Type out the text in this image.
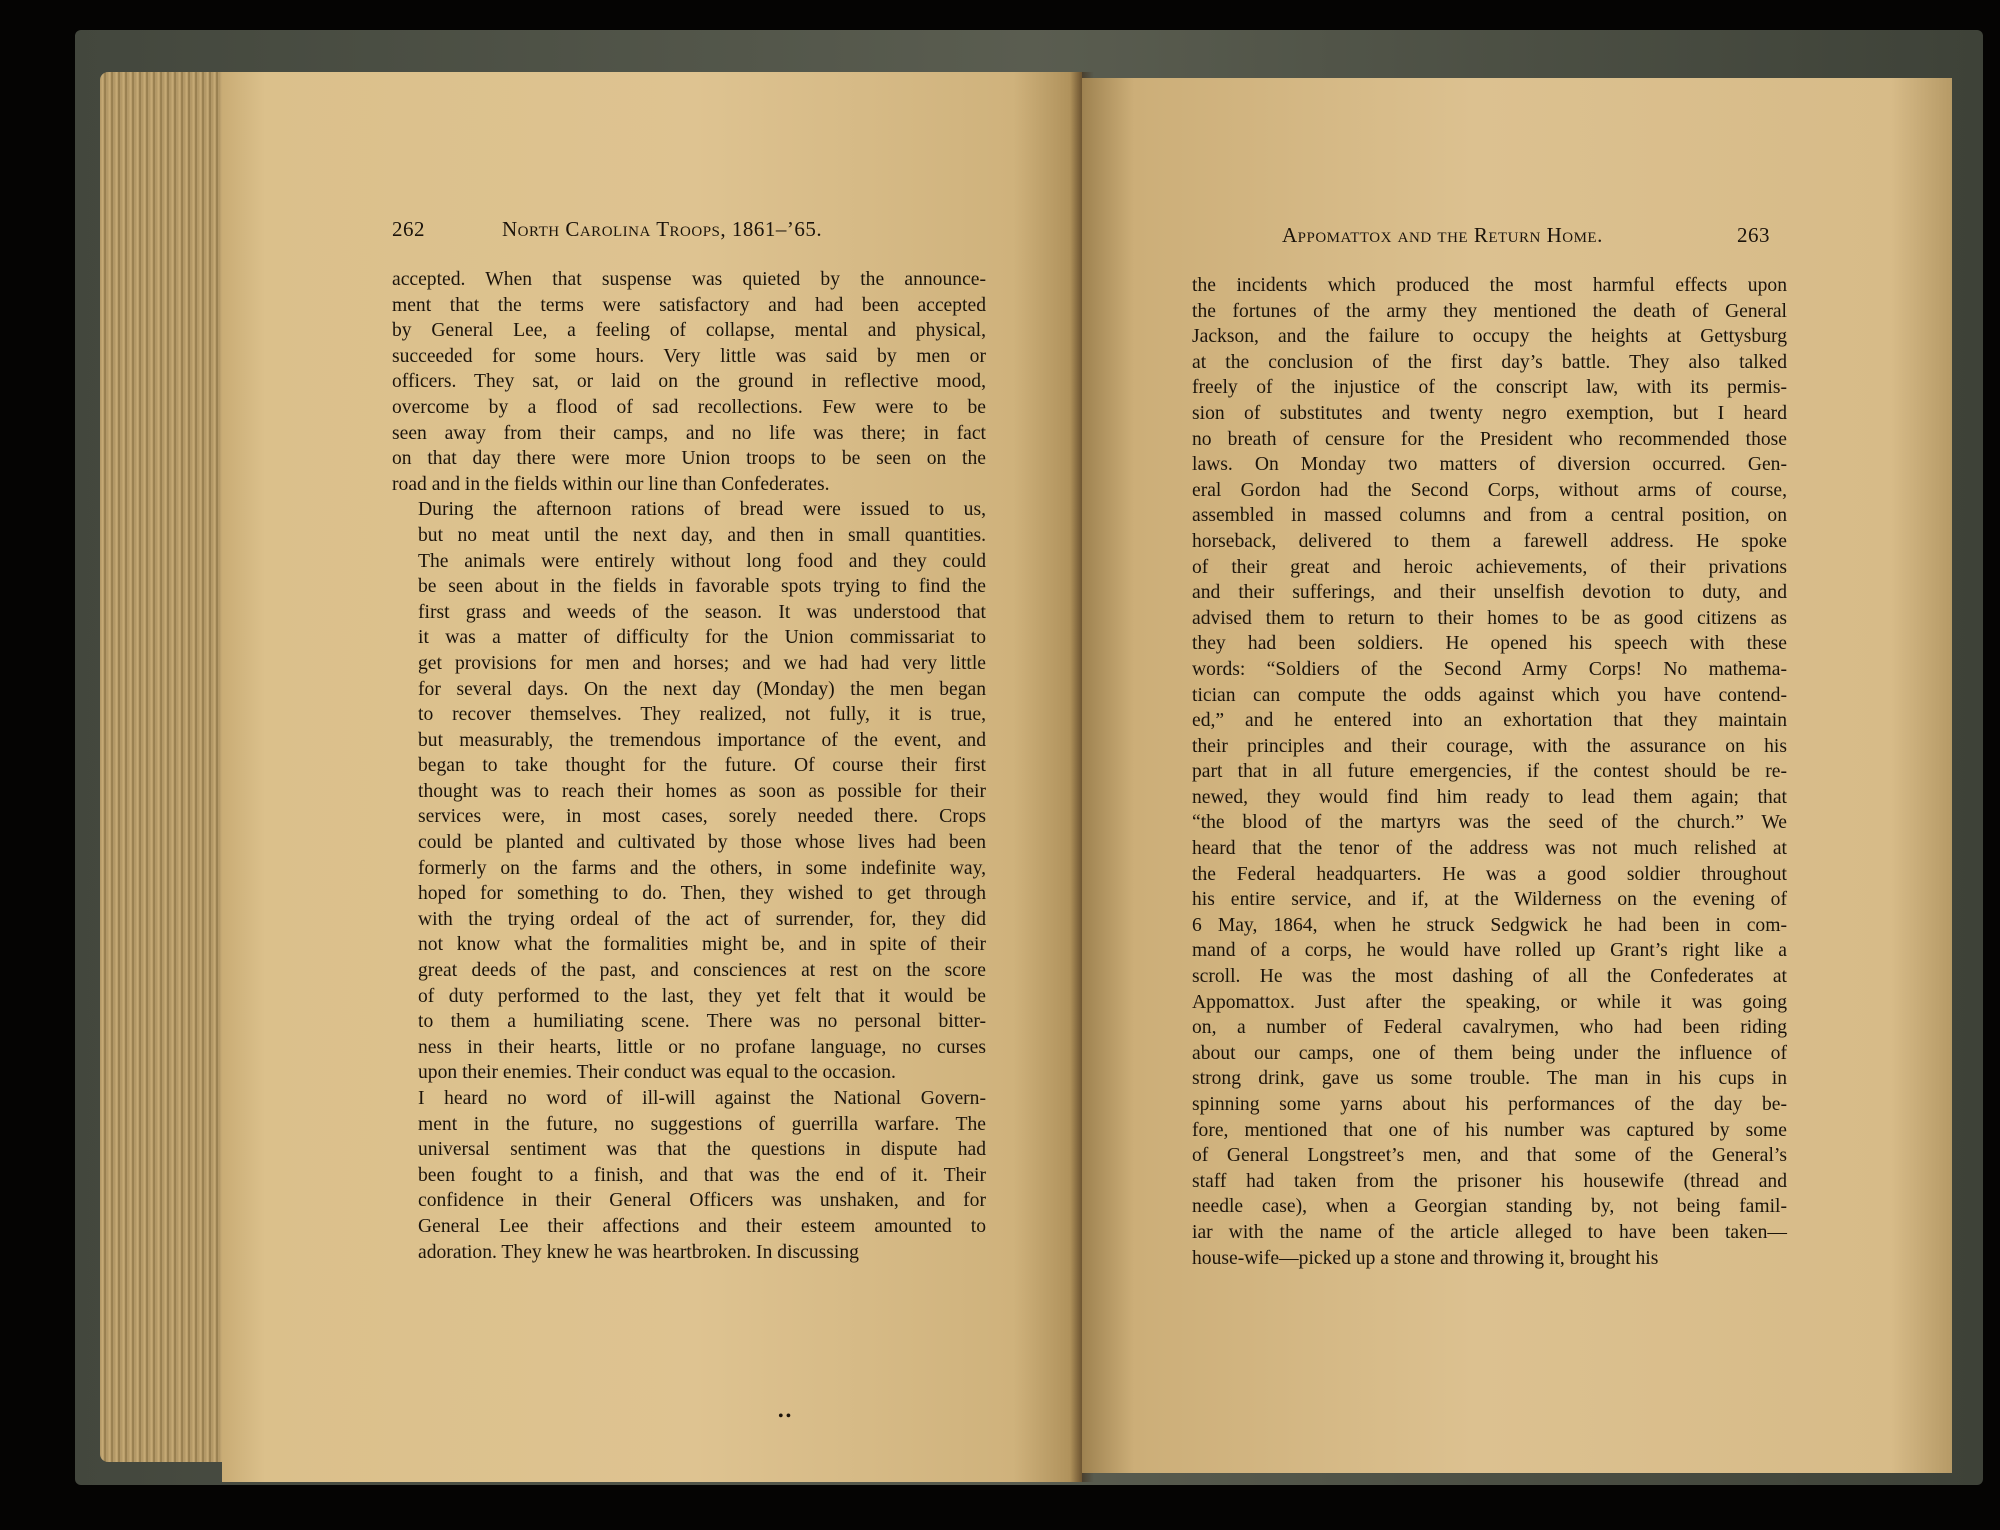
262	North Carolina Troops, 1861–’65.

accepted. When that suspense was quieted by the announce-
ment that the terms were satisfactory and had been accepted
by General Lee, a feeling of collapse, mental and physical,
succeeded for some hours. Very little was said by men or
officers. They sat, or laid on the ground in reflective mood,
overcome by a flood of sad recollections. Few were to be
seen away from their camps, and no life was there; in fact
on that day there were more Union troops to be seen on the
road and in the fields within our line than Confederates.

During the afternoon rations of bread were issued to us,
but no meat until the next day, and then in small quantities.
The animals were entirely without long food and they could
be seen about in the fields in favorable spots trying to find the
first grass and weeds of the season. It was understood that
it was a matter of difficulty for the Union commissariat to
get provisions for men and horses; and we had had very little
for several days. On the next day (Monday) the men began
to recover themselves. They realized, not fully, it is true,
but measurably, the tremendous importance of the event, and
began to take thought for the future. Of course their first
thought was to reach their homes as soon as possible for their
services were, in most cases, sorely needed there. Crops
could be planted and cultivated by those whose lives had been
formerly on the farms and the others, in some indefinite way,
hoped for something to do. Then, they wished to get through
with the trying ordeal of the act of surrender, for, they did
not know what the formalities might be, and in spite of their
great deeds of the past, and consciences at rest on the score
of duty performed to the last, they yet felt that it would be
to them a humiliating scene. There was no personal bitter-
ness in their hearts, little or no profane language, no curses
upon their enemies. Their conduct was equal to the occasion.

I heard no word of ill-will against the National Govern-
ment in the future, no suggestions of guerrilla warfare. The
universal sentiment was that the questions in dispute had
been fought to a finish, and that was the end of it. Their
confidence in their General Officers was unshaken, and for
General Lee their affections and their esteem amounted to
adoration. They knew he was heartbroken. In discussing

••
Appomattox and the Return Home.	263

the incidents which produced the most harmful effects upon
the fortunes of the army they mentioned the death of General
Jackson, and the failure to occupy the heights at Gettysburg
at the conclusion of the first day’s battle. They also talked
freely of the injustice of the conscript law, with its permis-
sion of substitutes and twenty negro exemption, but I heard
no breath of censure for the President who recommended those
laws. On Monday two matters of diversion occurred. Gen-
eral Gordon had the Second Corps, without arms of course,
assembled in massed columns and from a central position, on
horseback, delivered to them a farewell address. He spoke
of their great and heroic achievements, of their privations
and their sufferings, and their unselfish devotion to duty, and
advised them to return to their homes to be as good citizens as
they had been soldiers. He opened his speech with these
words: “Soldiers of the Second Army Corps! No mathema-
tician can compute the odds against which you have contend-
ed,” and he entered into an exhortation that they maintain
their principles and their courage, with the assurance on his
part that in all future emergencies, if the contest should be re-
newed, they would find him ready to lead them again; that
“the blood of the martyrs was the seed of the church.” We
heard that the tenor of the address was not much relished at
the Federal headquarters. He was a good soldier throughout
his entire service, and if, at the Wilderness on the evening of
6 May, 1864, when he struck Sedgwick he had been in com-
mand of a corps, he would have rolled up Grant’s right like a
scroll. He was the most dashing of all the Confederates at
Appomattox. Just after the speaking, or while it was going
on, a number of Federal cavalrymen, who had been riding
about our camps, one of them being under the influence of
strong drink, gave us some trouble. The man in his cups in
spinning some yarns about his performances of the day be-
fore, mentioned that one of his number was captured by some
of General Longstreet’s men, and that some of the General’s
staff had taken from the prisoner his housewife (thread and
needle case), when a Georgian standing by, not being famil-
iar with the name of the article alleged to have been taken—
house-wife—picked up a stone and throwing it, brought his
